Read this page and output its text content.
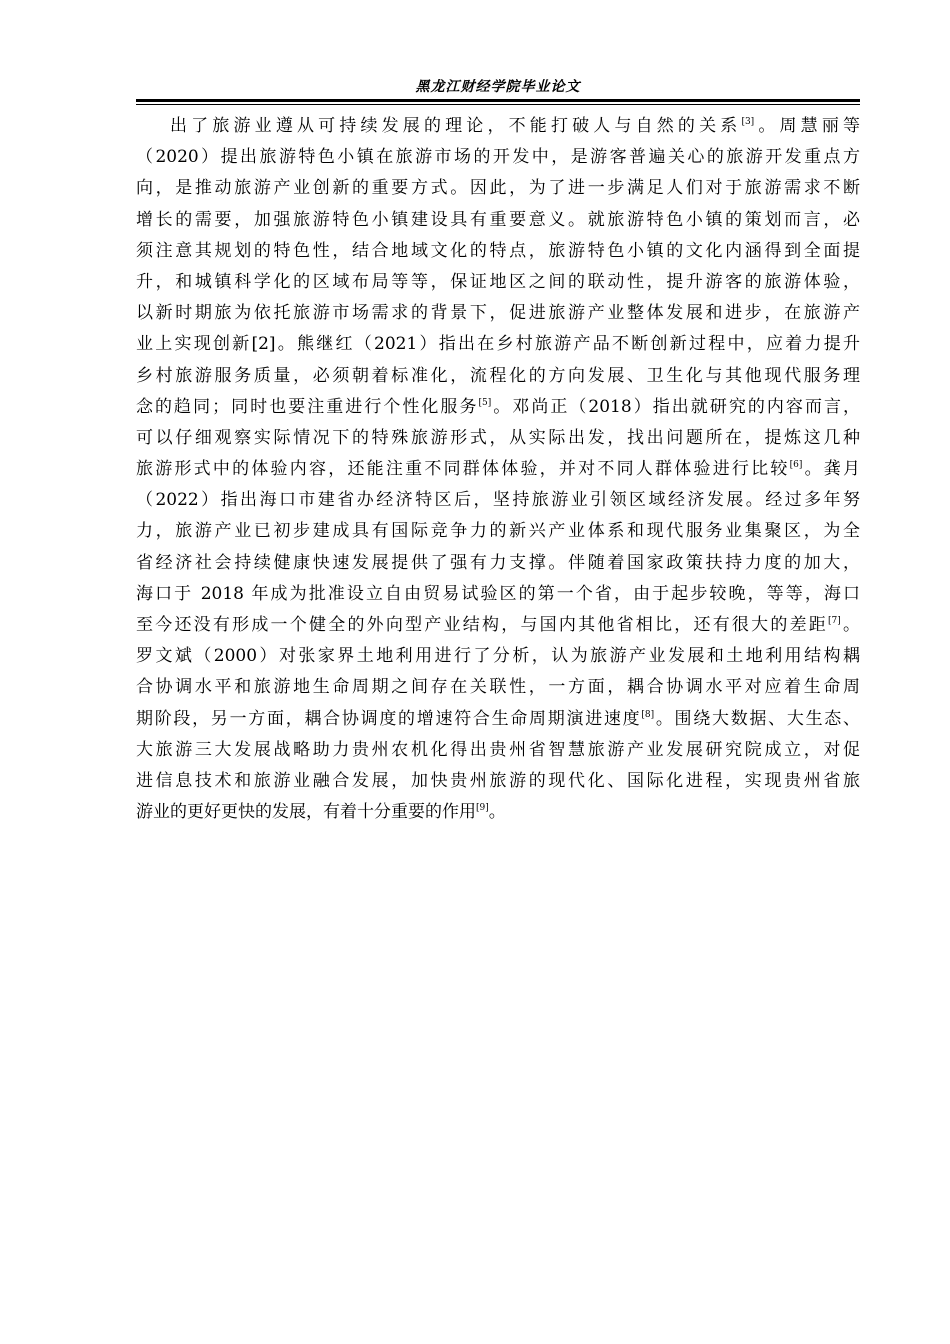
黑龙江财经学院毕业论文
出了旅游业遵从可持续发展的理论，不能打破人与自然的关系[3]。周慧丽等
（2020）提出旅游特色小镇在旅游市场的开发中，是游客普遍关心的旅游开发重点方
向，是推动旅游产业创新的重要方式。因此，为了进一步满足人们对于旅游需求不断
增长的需要，加强旅游特色小镇建设具有重要意义。就旅游特色小镇的策划而言，必
须注意其规划的特色性，结合地域文化的特点，旅游特色小镇的文化内涵得到全面提
升，和城镇科学化的区域布局等等，保证地区之间的联动性，提升游客的旅游体验，
以新时期旅为依托旅游市场需求的背景下，促进旅游产业整体发展和进步，在旅游产
业上实现创新[2]。熊继红（2021）指出在乡村旅游产品不断创新过程中，应着力提升
乡村旅游服务质量，必须朝着标准化，流程化的方向发展、卫生化与其他现代服务理
念的趋同；同时也要注重进行个性化服务[5]。邓尚正（2018）指出就研究的内容而言，
可以仔细观察实际情况下的特殊旅游形式，从实际出发，找出问题所在，提炼这几种
旅游形式中的体验内容，还能注重不同群体体验，并对不同人群体验进行比较[6]。龚月
（2022）指出海口市建省办经济特区后，坚持旅游业引领区域经济发展。经过多年努
力，旅游产业已初步建成具有国际竞争力的新兴产业体系和现代服务业集聚区，为全
省经济社会持续健康快速发展提供了强有力支撑。伴随着国家政策扶持力度的加大，
海口于 2018 年成为批准设立自由贸易试验区的第一个省，由于起步较晚，等等，海口
至今还没有形成一个健全的外向型产业结构，与国内其他省相比，还有很大的差距[7]。
罗文斌（2000）对张家界土地利用进行了分析，认为旅游产业发展和土地利用结构耦
合协调水平和旅游地生命周期之间存在关联性，一方面，耦合协调水平对应着生命周
期阶段，另一方面，耦合协调度的增速符合生命周期演进速度[8]。围绕大数据、大生态、
大旅游三大发展战略助力贵州农机化得出贵州省智慧旅游产业发展研究院成立，对促
进信息技术和旅游业融合发展，加快贵州旅游的现代化、国际化进程，实现贵州省旅
游业的更好更快的发展，有着十分重要的作用[9]。
